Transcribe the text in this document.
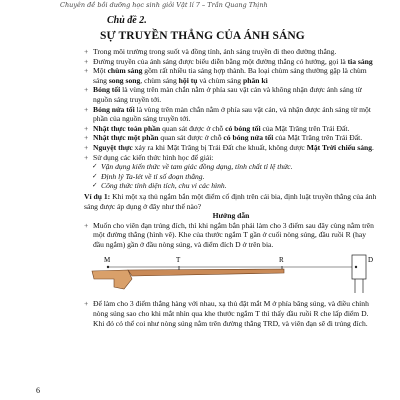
Chuyên đề bồi dưỡng học sinh giỏi Vật lí 7 – Trần Quang Thịnh
Chủ đề 2.
SỰ TRUYỀN THẲNG CỦA ÁNH SÁNG
+ Trong môi trường trong suốt và đồng tính, ánh sáng truyền đi theo đường thẳng.
+ Đường truyền của ánh sáng được biểu diễn bằng một đường thẳng có hướng, gọi là tia sáng
+ Một chùm sáng gồm rất nhiều tia sáng hợp thành. Ba loại chùm sáng thường gặp là chùm sáng song song, chùm sáng hội tụ và chùm sáng phân kì
+ Bóng tối là vùng trên màn chắn nằm ở phía sau vật cản và không nhận được ánh sáng từ nguồn sáng truyền tới.
+ Bóng nửa tối là vùng trên màn chắn nằm ở phía sau vật cản, và nhận được ánh sáng từ một phần của nguồn sáng truyền tới.
+ Nhật thực toàn phần quan sát được ở chỗ có bóng tối của Mặt Trăng trên Trái Đất.
+ Nhật thực một phần quan sát được ở chỗ có bóng nửa tối của Mặt Trăng trên Trái Đất.
+ Nguyệt thực xảy ra khi Mặt Trăng bị Trái Đất che khuất, không được Mặt Trời chiếu sáng.
+ Sử dụng các kiến thức hình học để giải:
✓ Vận dụng kiến thức về tam giác đồng dạng, tính chất tỉ lệ thức.
✓ Định lý Ta-lét về tỉ số đoạn thẳng.
✓ Công thức tính diện tích, chu vi các hình.
Ví dụ 1: Khi một xạ thủ ngắm bắn một điểm cố định trên cái bia, định luật truyền thẳng của ánh sáng được áp dụng ở đây như thế nào?
Hướng dẫn
+ Muốn cho viên đạn trúng đích, thì khi ngắm bắn phải làm cho 3 điểm sau đây cùng nằm trên một đường thẳng (hình vẽ). Khe của thước ngắm T gần ở cuối nòng súng, đầu ruồi R (hay đầu ngắm) gần ở đầu nòng súng, và điểm đích D ở trên bia.
M	T	R	D
+ Để làm cho 3 điểm thẳng hàng với nhau, xạ thủ đặt mắt M ở phía băng súng, và điều chỉnh nòng súng sao cho khi mắt nhìn qua khe thước ngắm T thì thấy đầu ruồi R che lấp điểm D. Khi đó có thể coi như nòng súng nằm trên đường thẳng TRD, và viên đạn sẽ đi trúng đích.
6
